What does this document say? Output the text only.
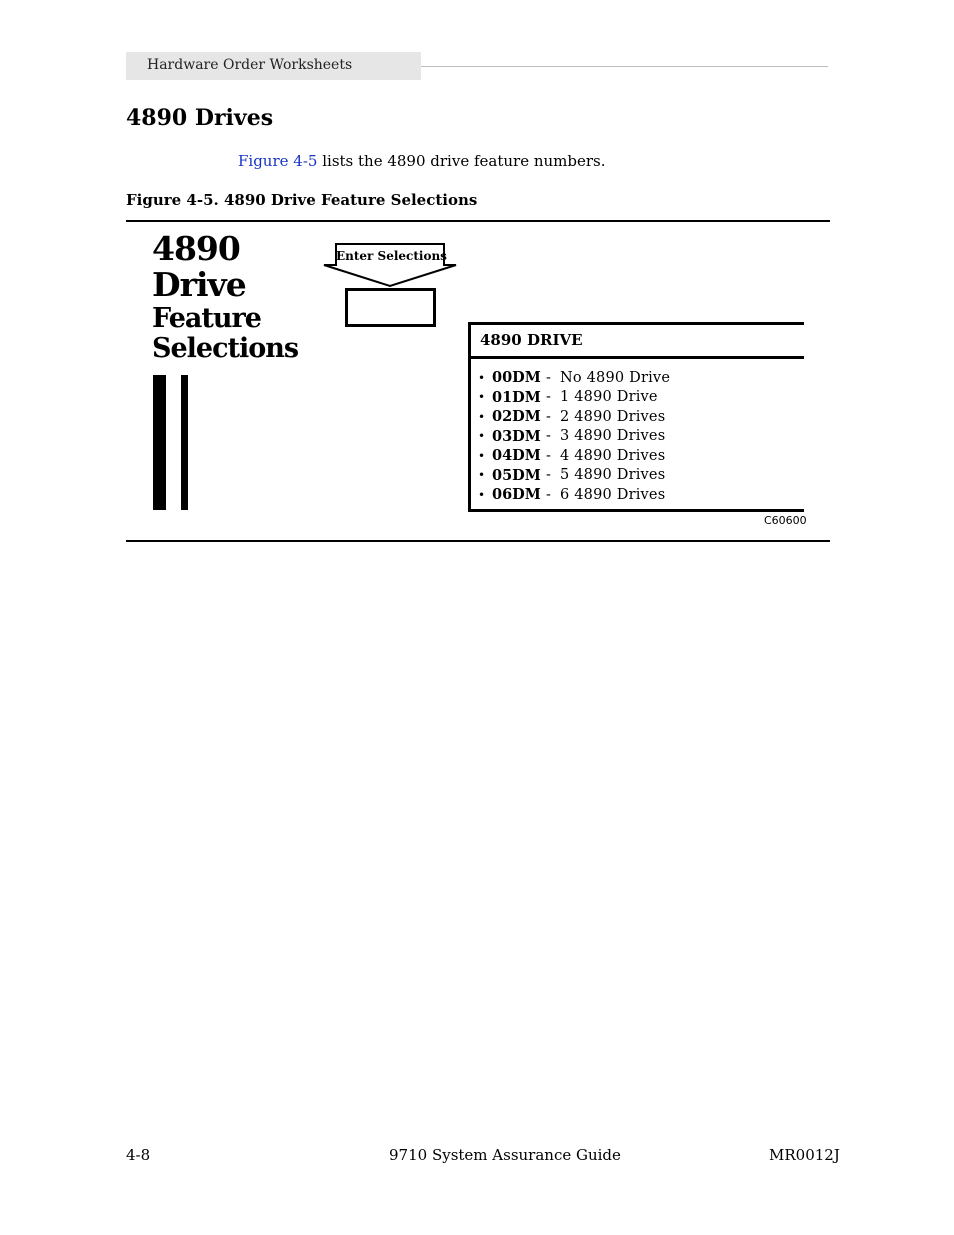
Hardware Order Worksheets
4890 Drives
Figure 4-5 lists the 4890 drive feature numbers.
Figure 4-5. 4890 Drive Feature Selections
4890
Drive
Feature
Selections
Enter Selections
4890 DRIVE
• 00DM - No 4890 Drive
• 01DM - 1 4890 Drive
• 02DM - 2 4890 Drives
• 03DM - 3 4890 Drives
• 04DM - 4 4890 Drives
• 05DM - 5 4890 Drives
• 06DM - 6 4890 Drives
C60600
4-8	9710 System Assurance Guide	MR0012J
